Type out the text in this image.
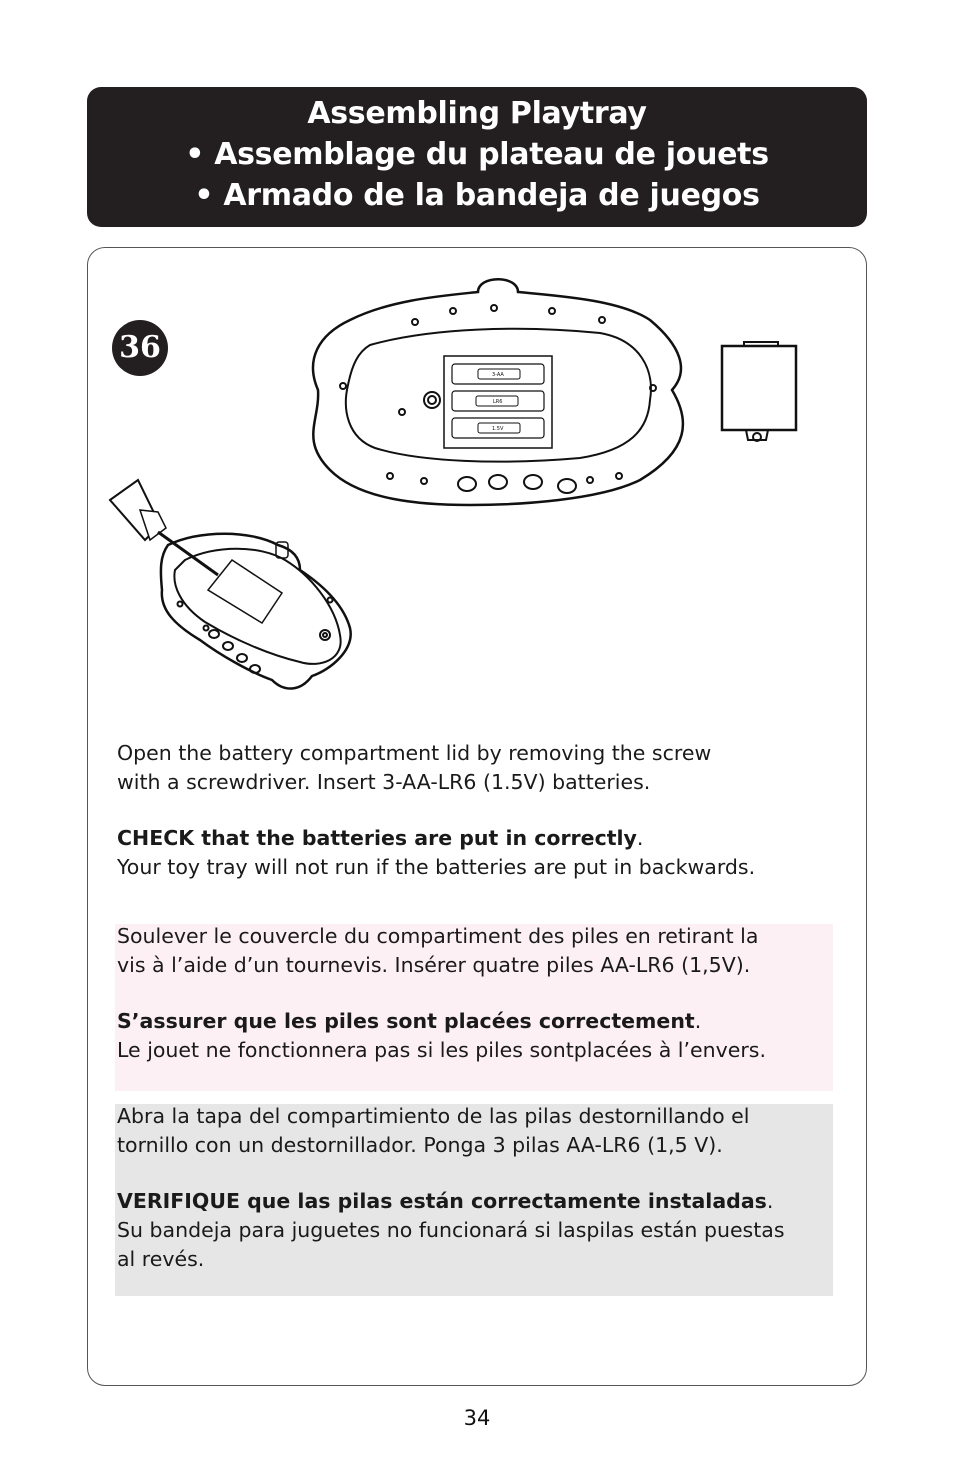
Assembling Playtray
• Assemblage du plateau de jouets
• Armado de la bandeja de juegos
36
3-AA
LR6
1.5V

Open the battery compartment lid by removing the screw

with a screwdriver. Insert 3-AA-LR6 (1.5V) batteries.

CHECK that the batteries are put in correctly.

Your toy tray will not run if the batteries are put in backwards.

Soulever le couvercle du compartiment des piles en retirant la

vis à l’aide d’un tournevis. Insérer quatre piles AA-LR6 (1,5V).

S’assurer que les piles sont placées correctement.

Le jouet ne fonctionnera pas si les piles sontplacées à l’envers.

Abra la tapa del compartimiento de las pilas destornillando el

tornillo con un destornillador. Ponga 3 pilas AA-LR6 (1,5 V).

VERIFIQUE que las pilas están correctamente instaladas.

Su bandeja para juguetes no funcionará si laspilas están puestas

al revés.

34
